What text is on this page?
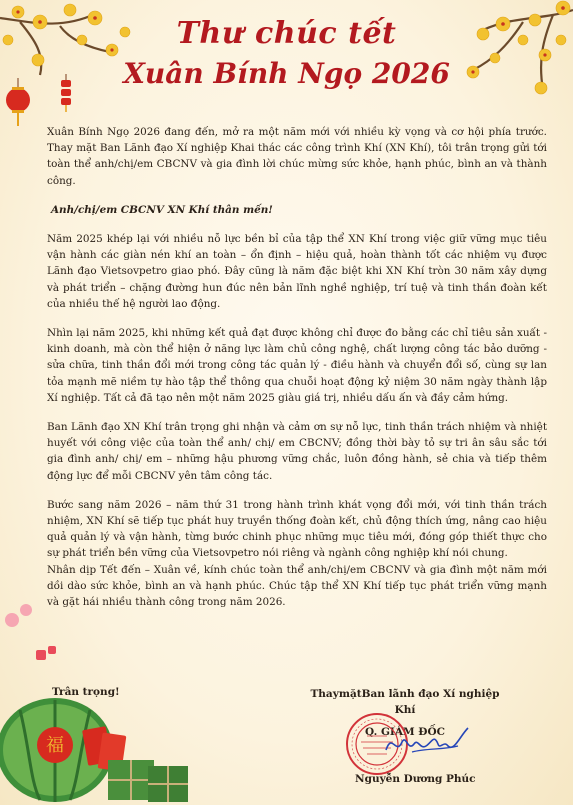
Thư chúc tết
Xuân Bính Ngọ 2026

Xuân Bính Ngọ 2026 đang đến, mở ra một năm mới với nhiều kỳ vọng và cơ hội phía trước. Thay mặt Ban Lãnh đạo Xí nghiệp Khai thác các công trình Khí (XN Khí), tôi trân trọng gửi tới toàn thể anh/chị/em CBCNV và gia đình lời chúc mừng sức khỏe, hạnh phúc, bình an và thành công.

Anh/chị/em CBCNV XN Khí thân mến!

Năm 2025 khép lại với nhiều nỗ lực bền bỉ của tập thể XN Khí trong việc giữ vững mục tiêu vận hành các giàn nén khí an toàn – ổn định – hiệu quả, hoàn thành tốt các nhiệm vụ được Lãnh đạo Vietsovpetro giao phó. Đây cũng là năm đặc biệt khi XN Khí tròn 30 năm xây dựng và phát triển – chặng đường hun đúc nên bản lĩnh nghề nghiệp, trí tuệ và tinh thần đoàn kết của nhiều thế hệ người lao động.

Nhìn lại năm 2025, khi những kết quả đạt được không chỉ được đo bằng các chỉ tiêu sản xuất - kinh doanh, mà còn thể hiện ở năng lực làm chủ công nghệ, chất lượng công tác bảo dưỡng - sửa chữa, tinh thần đổi mới trong công tác quản lý - điều hành và chuyển đổi số, cùng sự lan tỏa mạnh mẽ niềm tự hào tập thể thông qua chuỗi hoạt động kỷ niệm 30 năm ngày thành lập Xí nghiệp. Tất cả đã tạo nên một năm 2025 giàu giá trị, nhiều dấu ấn và đầy cảm hứng.

Ban Lãnh đạo XN Khí trân trọng ghi nhận và cảm ơn sự nỗ lực, tinh thần trách nhiệm và nhiệt huyết với công việc của toàn thể anh/ chị/ em CBCNV; đồng thời bày tỏ sự tri ân sâu sắc tới gia đình anh/ chị/ em – những hậu phương vững chắc, luôn đồng hành, sẻ chia và tiếp thêm động lực để mỗi CBCNV yên tâm công tác.

Bước sang năm 2026 – năm thứ 31 trong hành trình khát vọng đổi mới, với tinh thần trách nhiệm, XN Khí sẽ tiếp tục phát huy truyền thống đoàn kết, chủ động thích ứng, nâng cao hiệu quả quản lý và vận hành, từng bước chinh phục những mục tiêu mới, đóng góp thiết thực cho sự phát triển bền vững của Vietsovpetro nói riêng và ngành công nghiệp khí nói chung.

Nhân dịp Tết đến – Xuân về, kính chúc toàn thể anh/chị/em CBCNV và gia đình một năm mới dồi dào sức khỏe, bình an và hạnh phúc. Chúc tập thể XN Khí tiếp tục phát triển vững mạnh và gặt hái nhiều thành công trong năm 2026.

福
Trân trọng!	ThaymặtBan lãnh đạo Xí nghiệp Khí
Q. GIÁM ĐỐC
Nguyễn Dương Phúc
